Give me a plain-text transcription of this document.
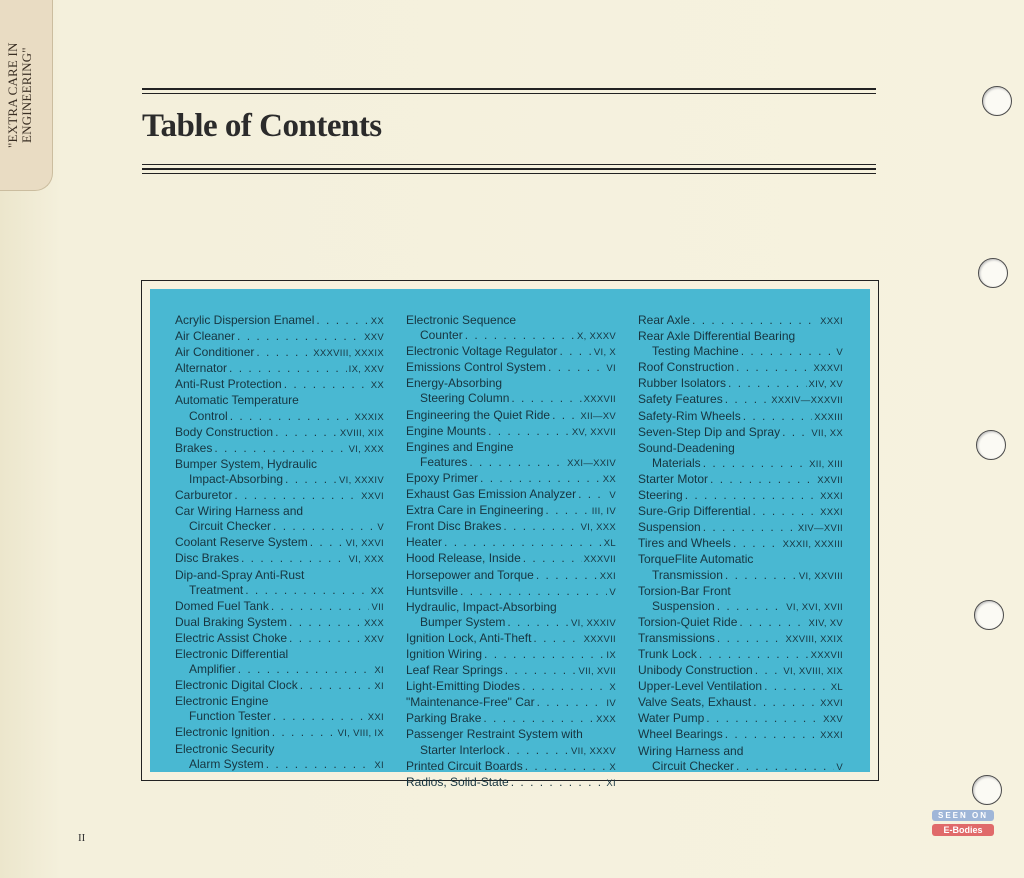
"EXTRA CARE IN ENGINEERING"	Table of Contents
Acrylic Dispersion Enamel . . .	XX
Air Cleaner . . .	XXV
Air Conditioner . . .	XXXVIII, XXXIX
Alternator . . .	IX, XXV
Anti-Rust Protection . . .	XX
Automatic Temperature
Control . . .	XXXIX
Body Construction . . .	XVIII, XIX
Brakes . . .	VI, XXX
Bumper System, Hydraulic
Impact-Absorbing . . .	VI, XXXIV
Carburetor . . .	XXVI
Car Wiring Harness and
Circuit Checker . . .	V
Coolant Reserve System . . .	VI, XXVI
Disc Brakes . . .	VI, XXX
Dip-and-Spray Anti-Rust
Treatment . . .	XX
Domed Fuel Tank . . .	VII
Dual Braking System . . .	XXX
Electric Assist Choke . . .	XXV
Electronic Differential
Amplifier . . .	XI
Electronic Digital Clock . . .	XI
Electronic Engine
Function Tester . . .	XXI
Electronic Ignition . . .	VI, VIII, IX
Electronic Security
Alarm System . . .	XI
Electronic Sequence
Counter . . .	X, XXXV
Electronic Voltage Regulator . . .	VI, X
Emissions Control System . . .	VI
Energy-Absorbing
Steering Column . . .	XXXVII
Engineering the Quiet Ride . . .	XII—XV
Engine Mounts . . .	XV, XXVII
Engines and Engine
Features . . .	XXI—XXIV
Epoxy Primer . . .	XX
Exhaust Gas Emission Analyzer . . .	V
Extra Care in Engineering . . .	III, IV
Front Disc Brakes . . .	VI, XXX
Heater . . .	XL
Hood Release, Inside . . .	XXXVII
Horsepower and Torque . . .	XXI
Huntsville . . .	V
Hydraulic, Impact-Absorbing
Bumper System . . .	VI, XXXIV
Ignition Lock, Anti-Theft . . .	XXXVII
Ignition Wiring . . .	IX
Leaf Rear Springs . . .	VII, XVII
Light-Emitting Diodes . . .	X
"Maintenance-Free" Car . . .	IV
Parking Brake . . .	XXX
Passenger Restraint System with
Starter Interlock . . .	VII, XXXV
Printed Circuit Boards . . .	X
Radios, Solid-State . . .	XI
Rear Axle . . .	XXXI
Rear Axle Differential Bearing
Testing Machine . . .	V
Roof Construction . . .	XXXVI
Rubber Isolators . . .	XIV, XV
Safety Features . . .	XXXIV—XXXVII
Safety-Rim Wheels . . .	XXXIII
Seven-Step Dip and Spray . . .	VII, XX
Sound-Deadening
Materials . . .	XII, XIII
Starter Motor . . .	XXVII
Steering . . .	XXXI
Sure-Grip Differential . . .	XXXI
Suspension . . .	XIV—XVII
Tires and Wheels . . .	XXXII, XXXIII
TorqueFlite Automatic
Transmission . . .	VI, XXVIII
Torsion-Bar Front
Suspension . . .	VI, XVI, XVII
Torsion-Quiet Ride . . .	XIV, XV
Transmissions . . .	XXVIII, XXIX
Trunk Lock . . .	XXXVII
Unibody Construction . . .	VI, XVIII, XIX
Upper-Level Ventilation . . .	XL
Valve Seats, Exhaust . . .	XXVI
Water Pump . . .	XXV
Wheel Bearings . . .	XXXI
Wiring Harness and
Circuit Checker . . .	V
II
SEEN ON
E-Bodies
